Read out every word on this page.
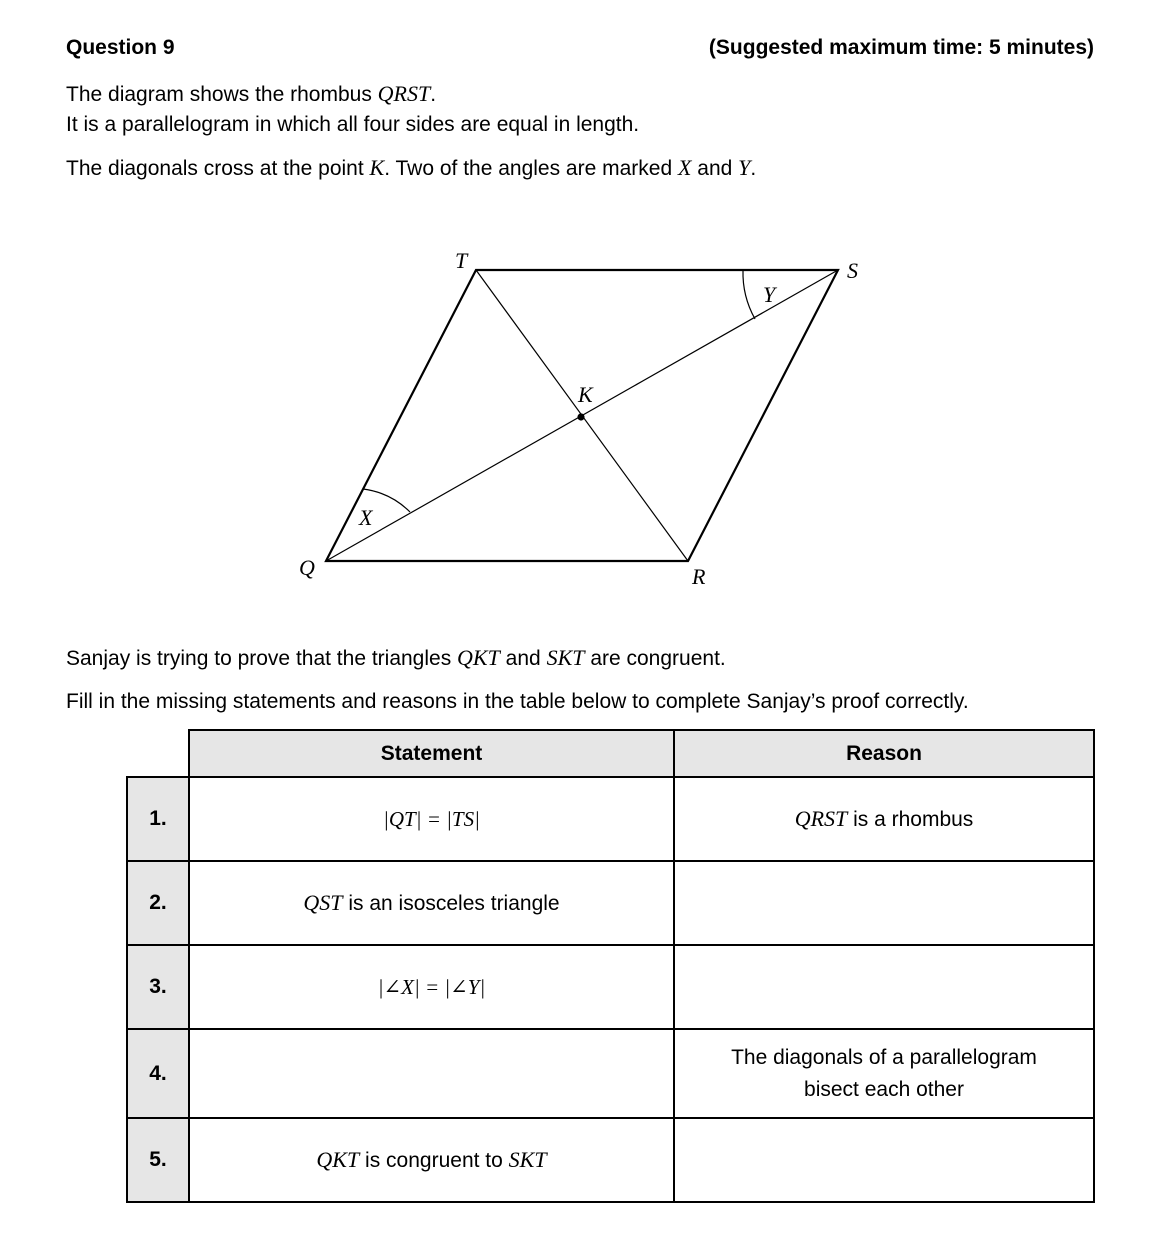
Question 9	(Suggested maximum time: 5 minutes)
The diagram shows the rhombus QRST.
It is a parallelogram in which all four sides are equal in length.
The diagonals cross at the point K. Two of the angles are marked X and Y.
T	S
Q	R
K
X
Y
Sanjay is trying to prove that the triangles QKT and SKT are congruent.
Fill in the missing statements and reasons in the table below to complete Sanjay’s proof correctly.
	Statement	Reason
1.	|QT| = |TS|	QRST is a rhombus
2.	QST is an isosceles triangle	
3.	|∠X| = |∠Y|	
4.		The diagonals of a parallelogram
bisect each other
5.	QKT is congruent to SKT	
